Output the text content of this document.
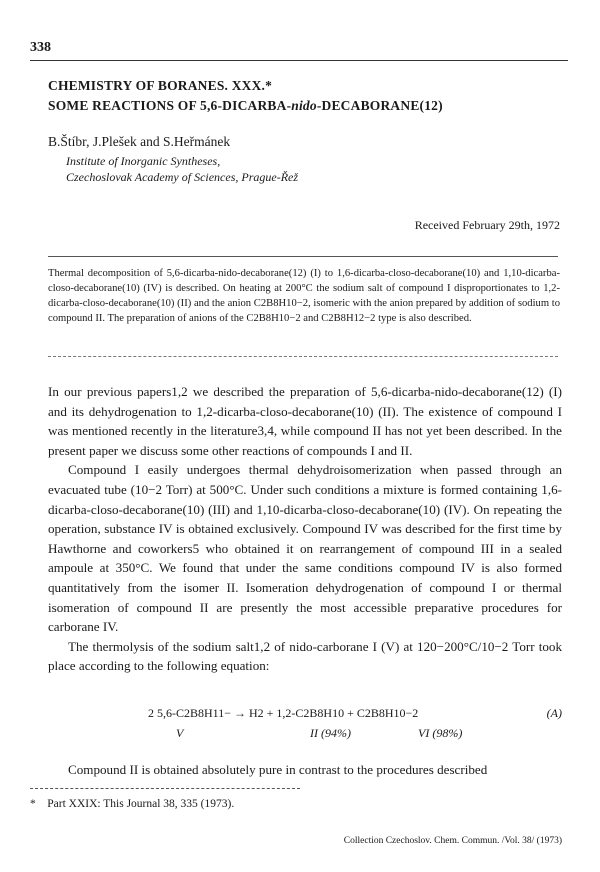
338
CHEMISTRY OF BORANES. XXX.*
SOME REACTIONS OF 5,6-DICARBA-nido-DECABORANE(12)
B.Štíbr, J.Plešek and S.Heřmánek
Institute of Inorganic Syntheses,
Czechoslovak Academy of Sciences, Prague-Řež
Received February 29th, 1972
Thermal decomposition of 5,6-dicarba-nido-decaborane(12) (I) to 1,6-dicarba-closo-decaborane(10) and 1,10-dicarba-closo-decaborane(10) (IV) is described. On heating at 200°C the sodium salt of compound I disproportionates to 1,2-dicarba-closo-decaborane(10) (II) and the anion C2B8H10−2, isomeric with the anion prepared by addition of sodium to compound II. The preparation of anions of the C2B8H10−2 and C2B8H12−2 type is also described.

In our previous papers1,2 we described the preparation of 5,6-dicarba-nido-decaborane(12) (I) and its dehydrogenation to 1,2-dicarba-closo-decaborane(10) (II). The existence of compound I was mentioned recently in the literature3,4, while compound II has not yet been described. In the present paper we discuss some other reactions of compounds I and II.

Compound I easily undergoes thermal dehydroisomerization when passed through an evacuated tube (10−2 Torr) at 500°C. Under such conditions a mixture is formed containing 1,6-dicarba-closo-decaborane(10) (III) and 1,10-dicarba-closo-decaborane(10) (IV). On repeating the operation, substance IV is obtained exclusively. Compound IV was described for the first time by Hawthorne and coworkers5 who obtained it on rearrangement of compound III in a sealed ampoule at 350°C. We found that under the same conditions compound IV is also formed quantitatively from the isomer II. Isomeration dehydrogenation of compound I or thermal isomeration of compound II are presently the most accessible preparative procedures for carborane IV.

The thermolysis of the sodium salt1,2 of nido-carborane I (V) at 120−200°C/10−2 Torr took place according to the following equation:

2 5,6-C2B8H11− → H2 + 1,2-C2B8H10 + C2B8H10−2
V	II (94%)	VI (98%)
(A)
Compound II is obtained absolutely pure in contrast to the procedures described
* Part XXIX: This Journal 38, 335 (1973).
Collection Czechoslov. Chem. Commun. /Vol. 38/ (1973)
